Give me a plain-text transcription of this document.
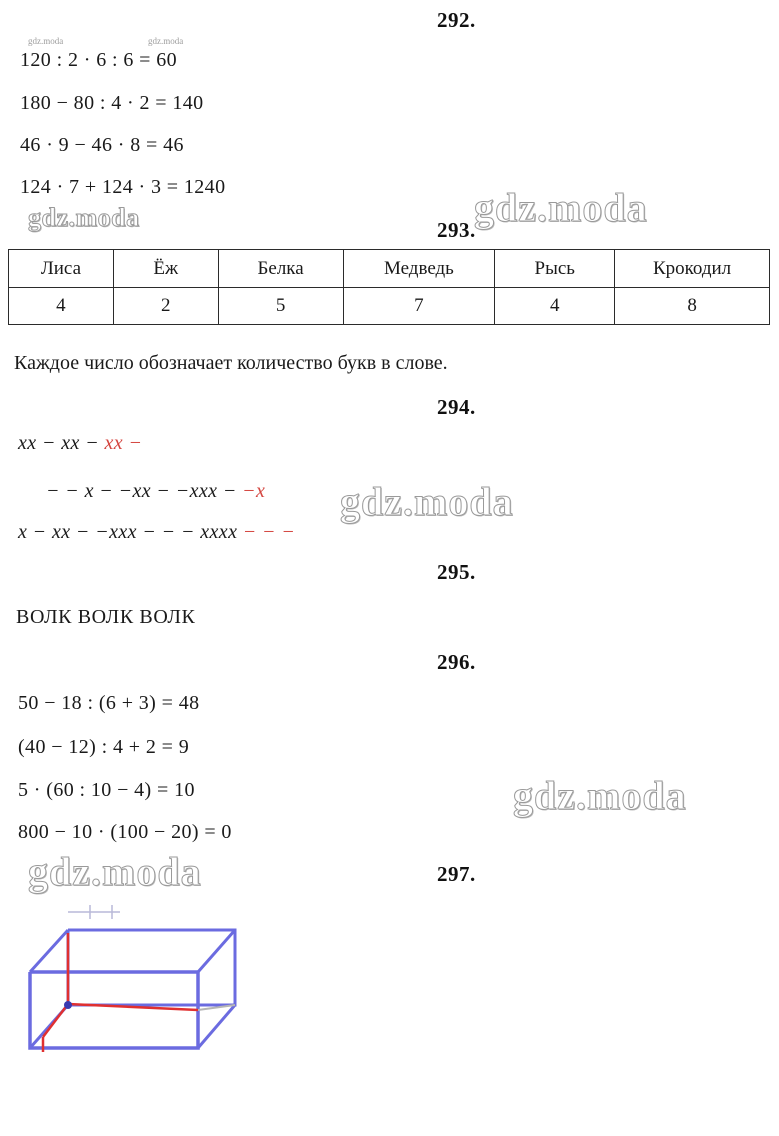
gdz.moda	gdz.moda
292.
120 : 2 · 6 : 6 = 60
180 − 80 : 4 · 2 = 140
46 · 9 − 46 · 8 = 46
124 · 7 + 124 · 3 = 1240
gdz.moda	gdz.moda
293.
Лиса	Ёж	Белка	Медведь	Рысь	Крокодил
4	2	5	7	4	8
Каждое число обозначает количество букв в слове.
294.
xx − xx − xx −
− − x − −xx − −xxx − −x
x − xx − −xxx − − − xxxx − − −
gdz.moda
295.
ВОЛК ВОЛК ВОЛК
296.
50 − 18 : (6 + 3) = 48
(40 − 12) : 4 + 2 = 9
5 · (60 : 10 − 4) = 10
800 − 10 · (100 − 20) = 0
gdz.moda
gdz.moda	297.
